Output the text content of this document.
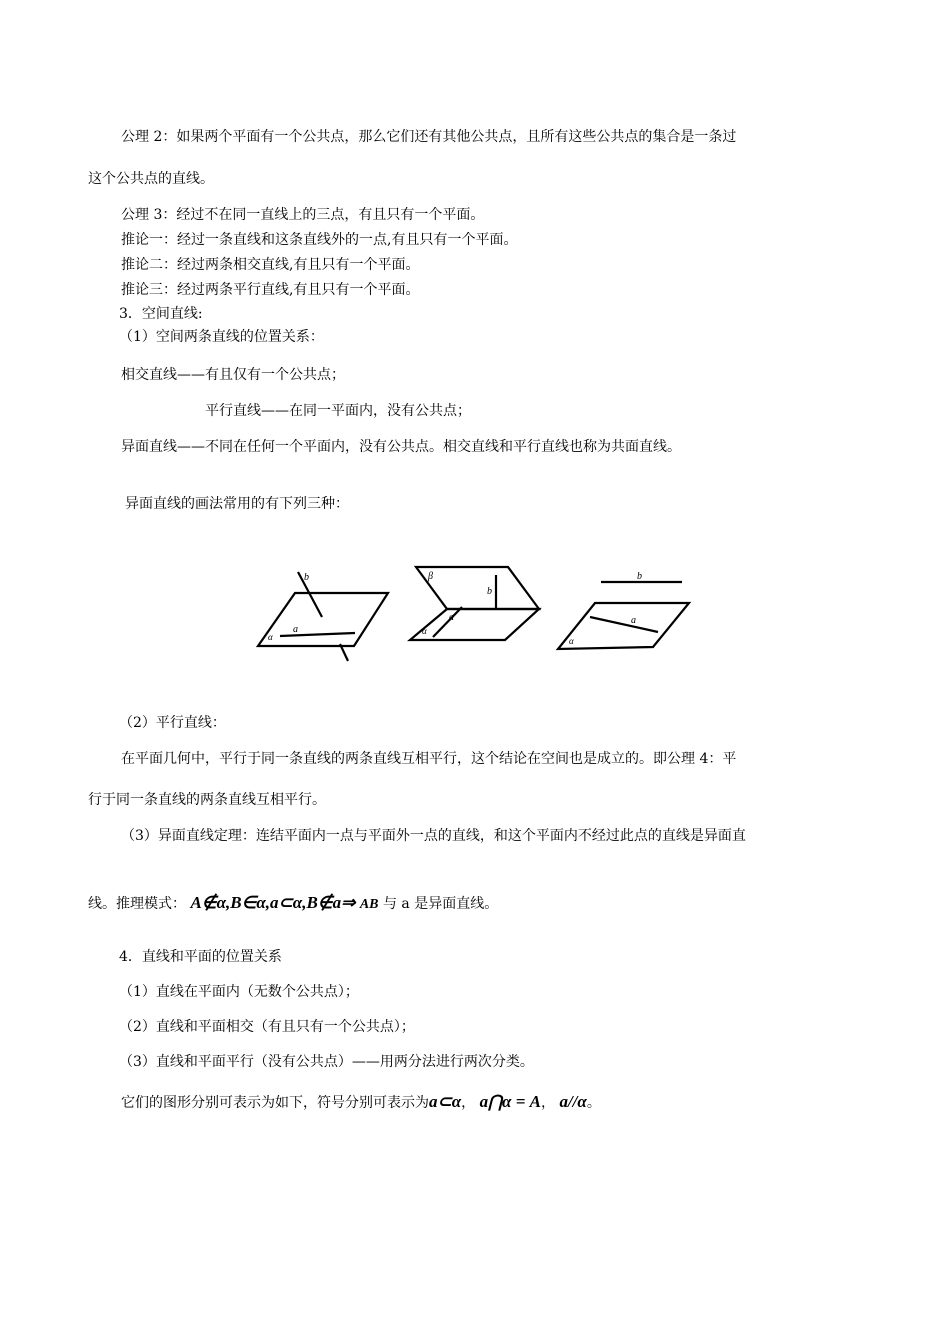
公理 2：如果两个平面有一个公共点，那么它们还有其他公共点，且所有这些公共点的集合是一条过
这个公共点的直线。
公理 3：经过不在同一直线上的三点，有且只有一个平面。
推论一：经过一条直线和这条直线外的一点,有且只有一个平面。
推论二：经过两条相交直线,有且只有一个平面。
推论三：经过两条平行直线,有且只有一个平面。
3．空间直线:
（1）空间两条直线的位置关系：
相交直线——有且仅有一个公共点；
平行直线——在同一平面内，没有公共点；
异面直线——不同在任何一个平面内，没有公共点。相交直线和平行直线也称为共面直线。
异面直线的画法常用的有下列三种：
b
a
α
β
b
a
α
b
a
α
（2）平行直线：
在平面几何中，平行于同一条直线的两条直线互相平行，这个结论在空间也是成立的。即公理 4：平
行于同一条直线的两条直线互相平行。
（3）异面直线定理：连结平面内一点与平面外一点的直线，和这个平面内不经过此点的直线是异面直
线。推理模式： A∉α,B∈α,a⊂α,B∉a⇒ AB 与 a 是异面直线。
4．直线和平面的位置关系
（1）直线在平面内（无数个公共点）；
（2）直线和平面相交（有且只有一个公共点）；
（3）直线和平面平行（没有公共点）——用两分法进行两次分类。
它们的图形分别可表示为如下，符号分别可表示为a⊂α， a⋂α = A， a//α。
